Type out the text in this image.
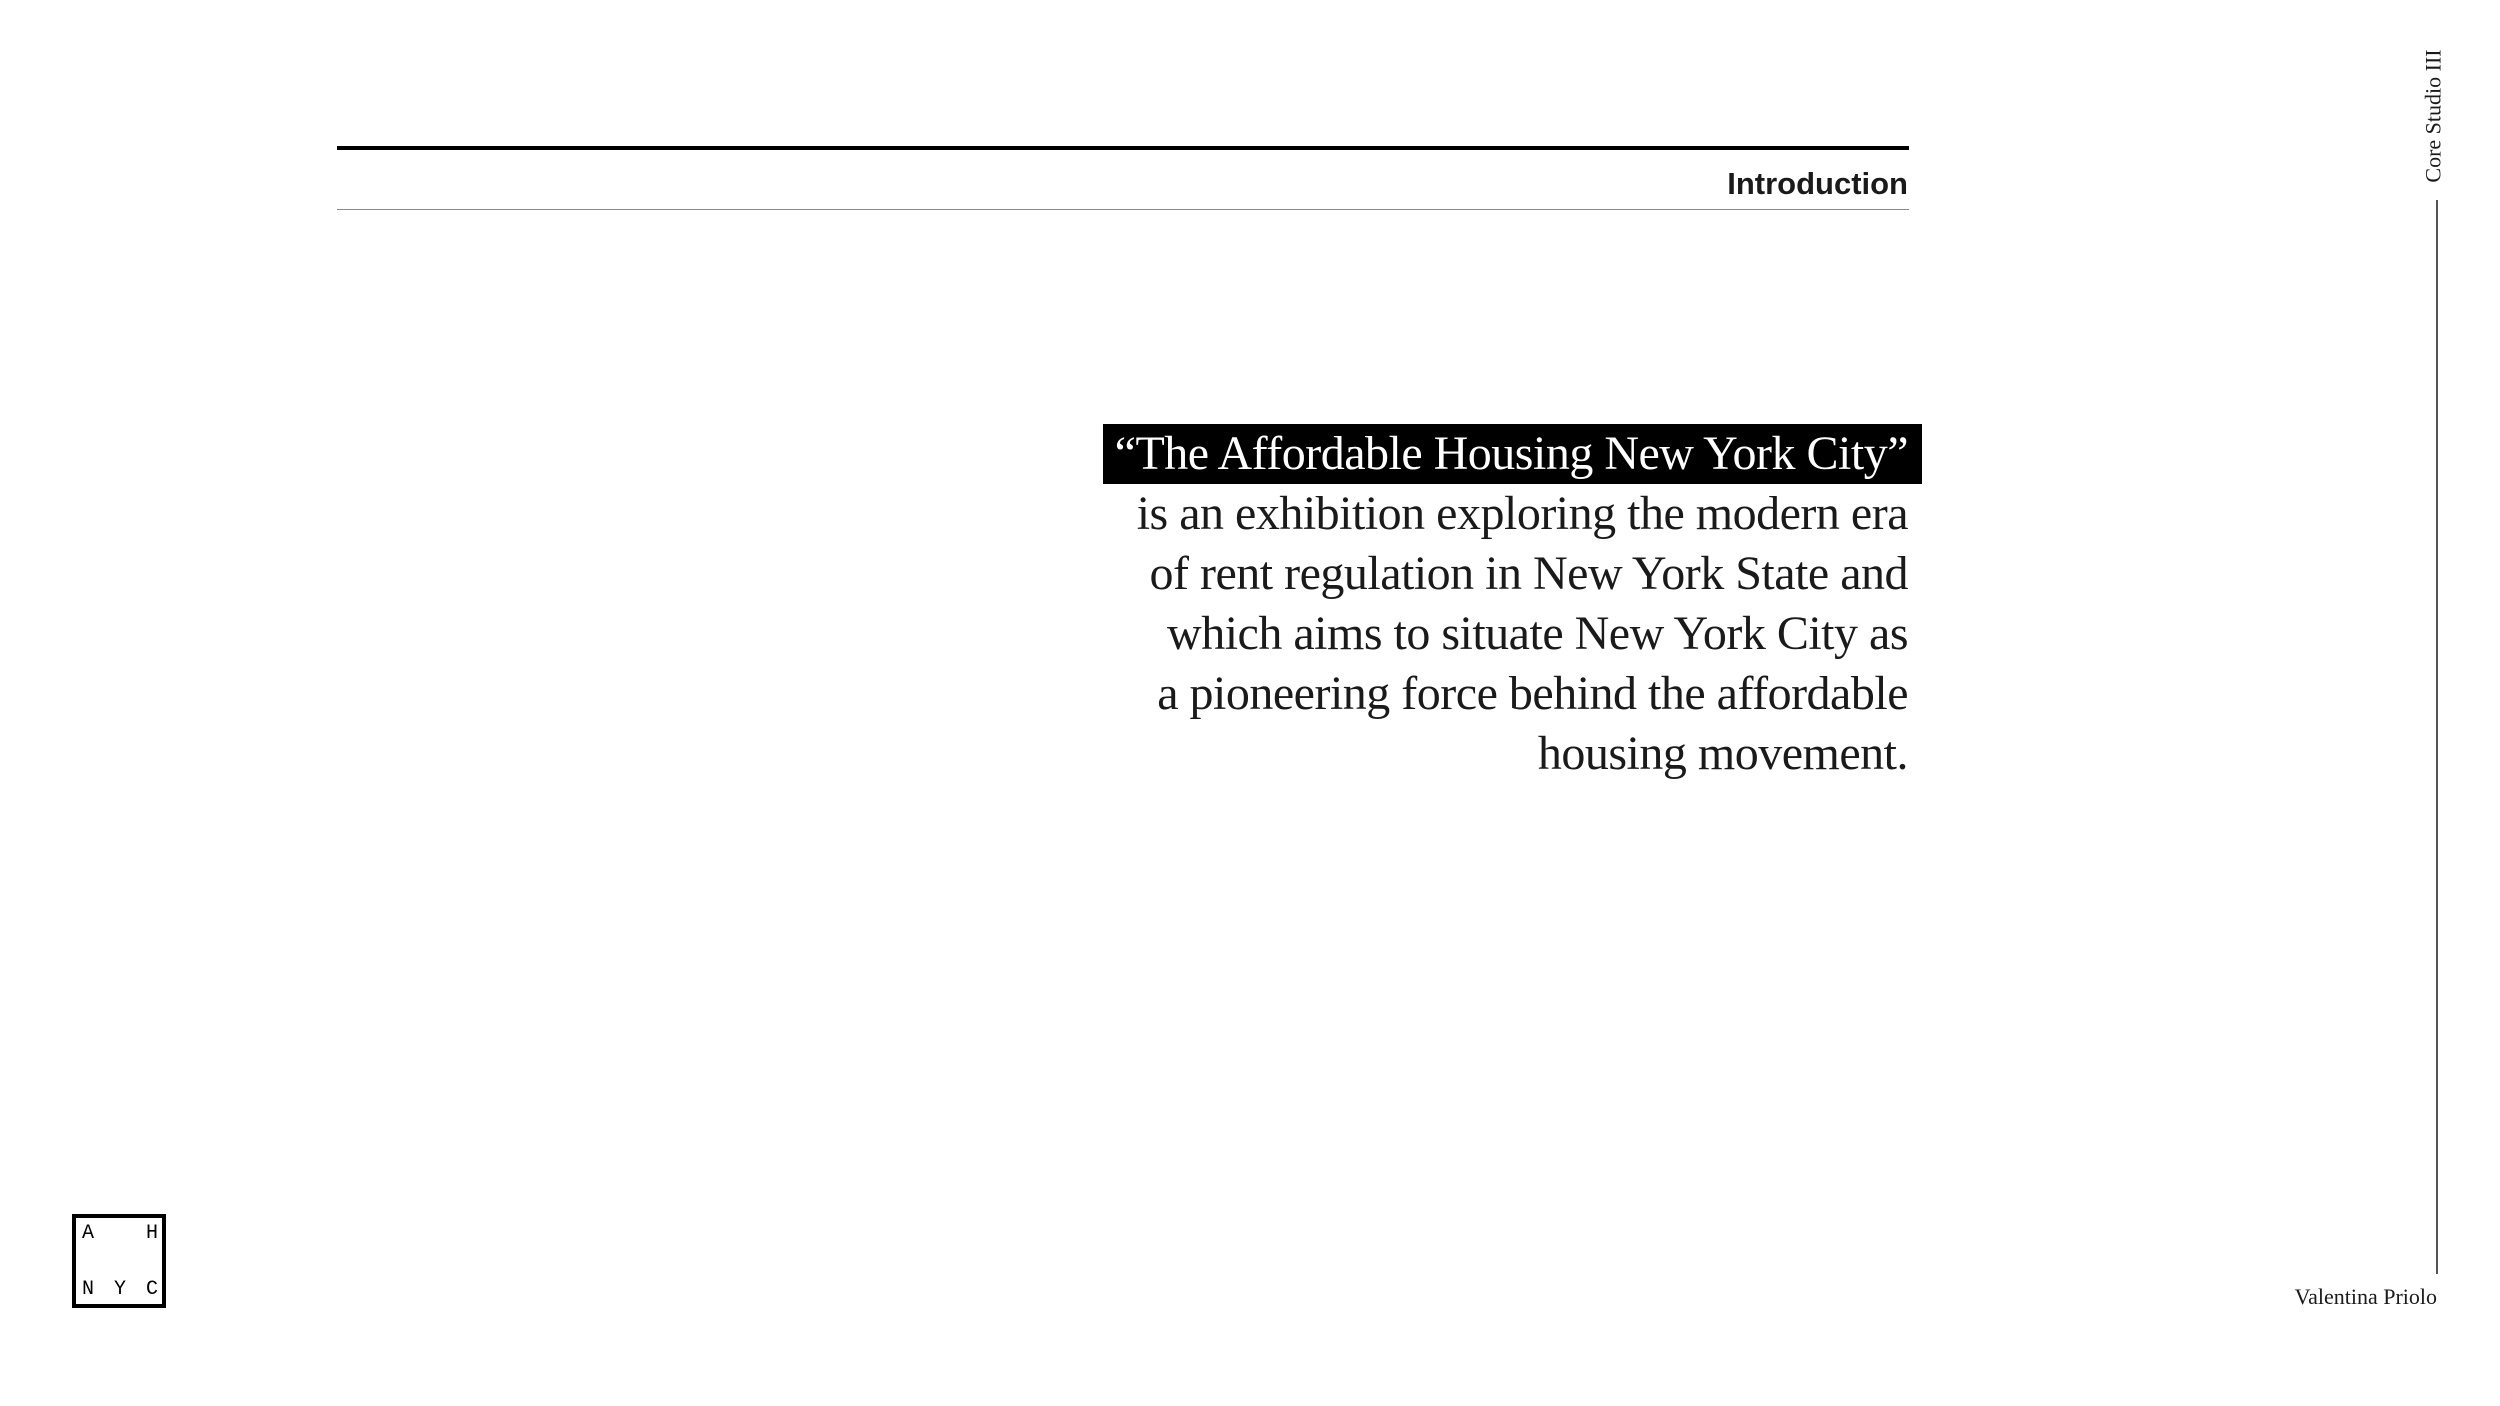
Introduction
“The Affordable Housing New York City”
is an exhibition exploring the modern era
of rent regulation in New York State and
which aims to situate New York City as
a pioneering force behind the affordable
housing movement.
Core Studio III
Valentina Priolo
A	H
N Y C
